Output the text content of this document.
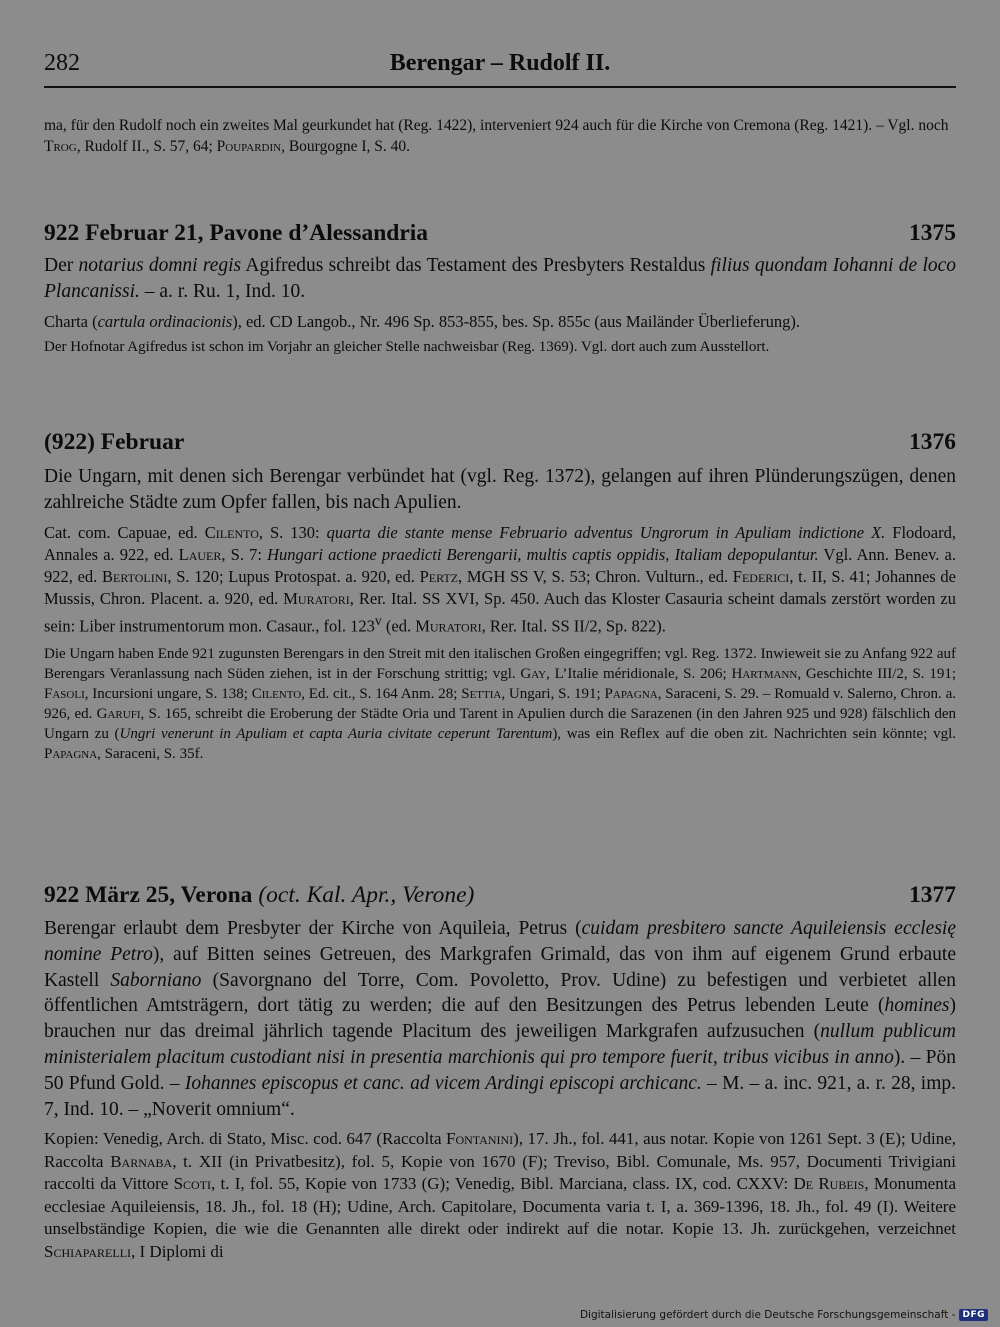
282	Berengar – Rudolf II.
ma, für den Rudolf noch ein zweites Mal geurkundet hat (Reg. 1422), interveniert 924 auch für die Kirche von Cremona (Reg. 1421). – Vgl. noch Trog, Rudolf II., S. 57, 64; Poupardin, Bourgogne I, S. 40.
922 Februar 21, Pavone d’Alessandria	1375
Der notarius domni regis Agifredus schreibt das Testament des Presbyters Restaldus filius quondam Iohanni de loco Plancanissi. – a. r. Ru. 1, Ind. 10.
Charta (cartula ordinacionis), ed. CD Langob., Nr. 496 Sp. 853-855, bes. Sp. 855c (aus Mailänder Überlieferung).
Der Hofnotar Agifredus ist schon im Vorjahr an gleicher Stelle nachweisbar (Reg. 1369). Vgl. dort auch zum Ausstellort.
(922) Februar	1376
Die Ungarn, mit denen sich Berengar verbündet hat (vgl. Reg. 1372), gelangen auf ihren Plünderungszügen, denen zahlreiche Städte zum Opfer fallen, bis nach Apulien.
Cat. com. Capuae, ed. Cilento, S. 130: quarta die stante mense Februario adventus Ungrorum in Apuliam indictione X. Flodoard, Annales a. 922, ed. Lauer, S. 7: Hungari actione praedicti Berengarii, multis captis oppidis, Italiam depopulantur. Vgl. Ann. Benev. a. 922, ed. Bertolini, S. 120; Lupus Protospat. a. 920, ed. Pertz, MGH SS V, S. 53; Chron. Vulturn., ed. Federici, t. II, S. 41; Johannes de Mussis, Chron. Placent. a. 920, ed. Muratori, Rer. Ital. SS XVI, Sp. 450. Auch das Kloster Casauria scheint damals zerstört worden zu sein: Liber instrumentorum mon. Casaur., fol. 123$^v$ (ed. Muratori, Rer. Ital. SS II/2, Sp. 822).
Die Ungarn haben Ende 921 zugunsten Berengars in den Streit mit den italischen Großen eingegriffen; vgl. Reg. 1372. Inwieweit sie zu Anfang 922 auf Berengars Veranlassung nach Süden ziehen, ist in der Forschung strittig; vgl. Gay, L’Italie méridionale, S. 206; Hartmann, Geschichte III/2, S. 191; Fasoli, Incursioni ungare, S. 138; Cilento, Ed. cit., S. 164 Anm. 28; Settia, Ungari, S. 191; Papagna, Saraceni, S. 29. – Romuald v. Salerno, Chron. a. 926, ed. Garufi, S. 165, schreibt die Eroberung der Städte Oria und Tarent in Apulien durch die Sarazenen (in den Jahren 925 und 928) fälschlich den Ungarn zu (Ungri venerunt in Apuliam et capta Auria civitate ceperunt Tarentum), was ein Reflex auf die oben zit. Nachrichten sein könnte; vgl. Papagna, Saraceni, S. 35f.
922 März 25, Verona (oct. Kal. Apr., Verone)	1377
Berengar erlaubt dem Presbyter der Kirche von Aquileia, Petrus (cuidam presbitero sancte Aquileiensis ecclesię nomine Petro), auf Bitten seines Getreuen, des Markgrafen Grimald, das von ihm auf eigenem Grund erbaute Kastell Saborniano (Savorgnano del Torre, Com. Povoletto, Prov. Udine) zu befestigen und verbietet allen öffentlichen Amtsträgern, dort tätig zu werden; die auf den Besitzungen des Petrus lebenden Leute (homines) brauchen nur das dreimal jährlich tagende Placitum des jeweiligen Markgrafen aufzusuchen (nullum publicum ministerialem placitum custodiant nisi in presentia marchionis qui pro tempore fuerit, tribus vicibus in anno). – Pön 50 Pfund Gold. – Iohannes episcopus et canc. ad vicem Ardingi episcopi archicanc. – M. – a. inc. 921, a. r. 28, imp. 7, Ind. 10. – „Noverit omnium“.
Kopien: Venedig, Arch. di Stato, Misc. cod. 647 (Raccolta Fontanini), 17. Jh., fol. 441, aus notar. Kopie von 1261 Sept. 3 (E); Udine, Raccolta Barnaba, t. XII (in Privatbesitz), fol. 5, Kopie von 1670 (F); Treviso, Bibl. Comunale, Ms. 957, Documenti Trivigiani raccolti da Vittore Scoti, t. I, fol. 55, Kopie von 1733 (G); Venedig, Bibl. Marciana, class. IX, cod. CXXV: De Rubeis, Monumenta ecclesiae Aquileiensis, 18. Jh., fol. 18 (H); Udine, Arch. Capitolare, Documenta varia t. I, a. 369-1396, 18. Jh., fol. 49 (I). Weitere unselbständige Kopien, die wie die Genannten alle direkt oder indirekt auf die notar. Kopie 13. Jh. zurückgehen, verzeichnet Schiaparelli, I Diplomi di
Digitalisierung gefördert durch die Deutsche Forschungsgemeinschaft - DFG
